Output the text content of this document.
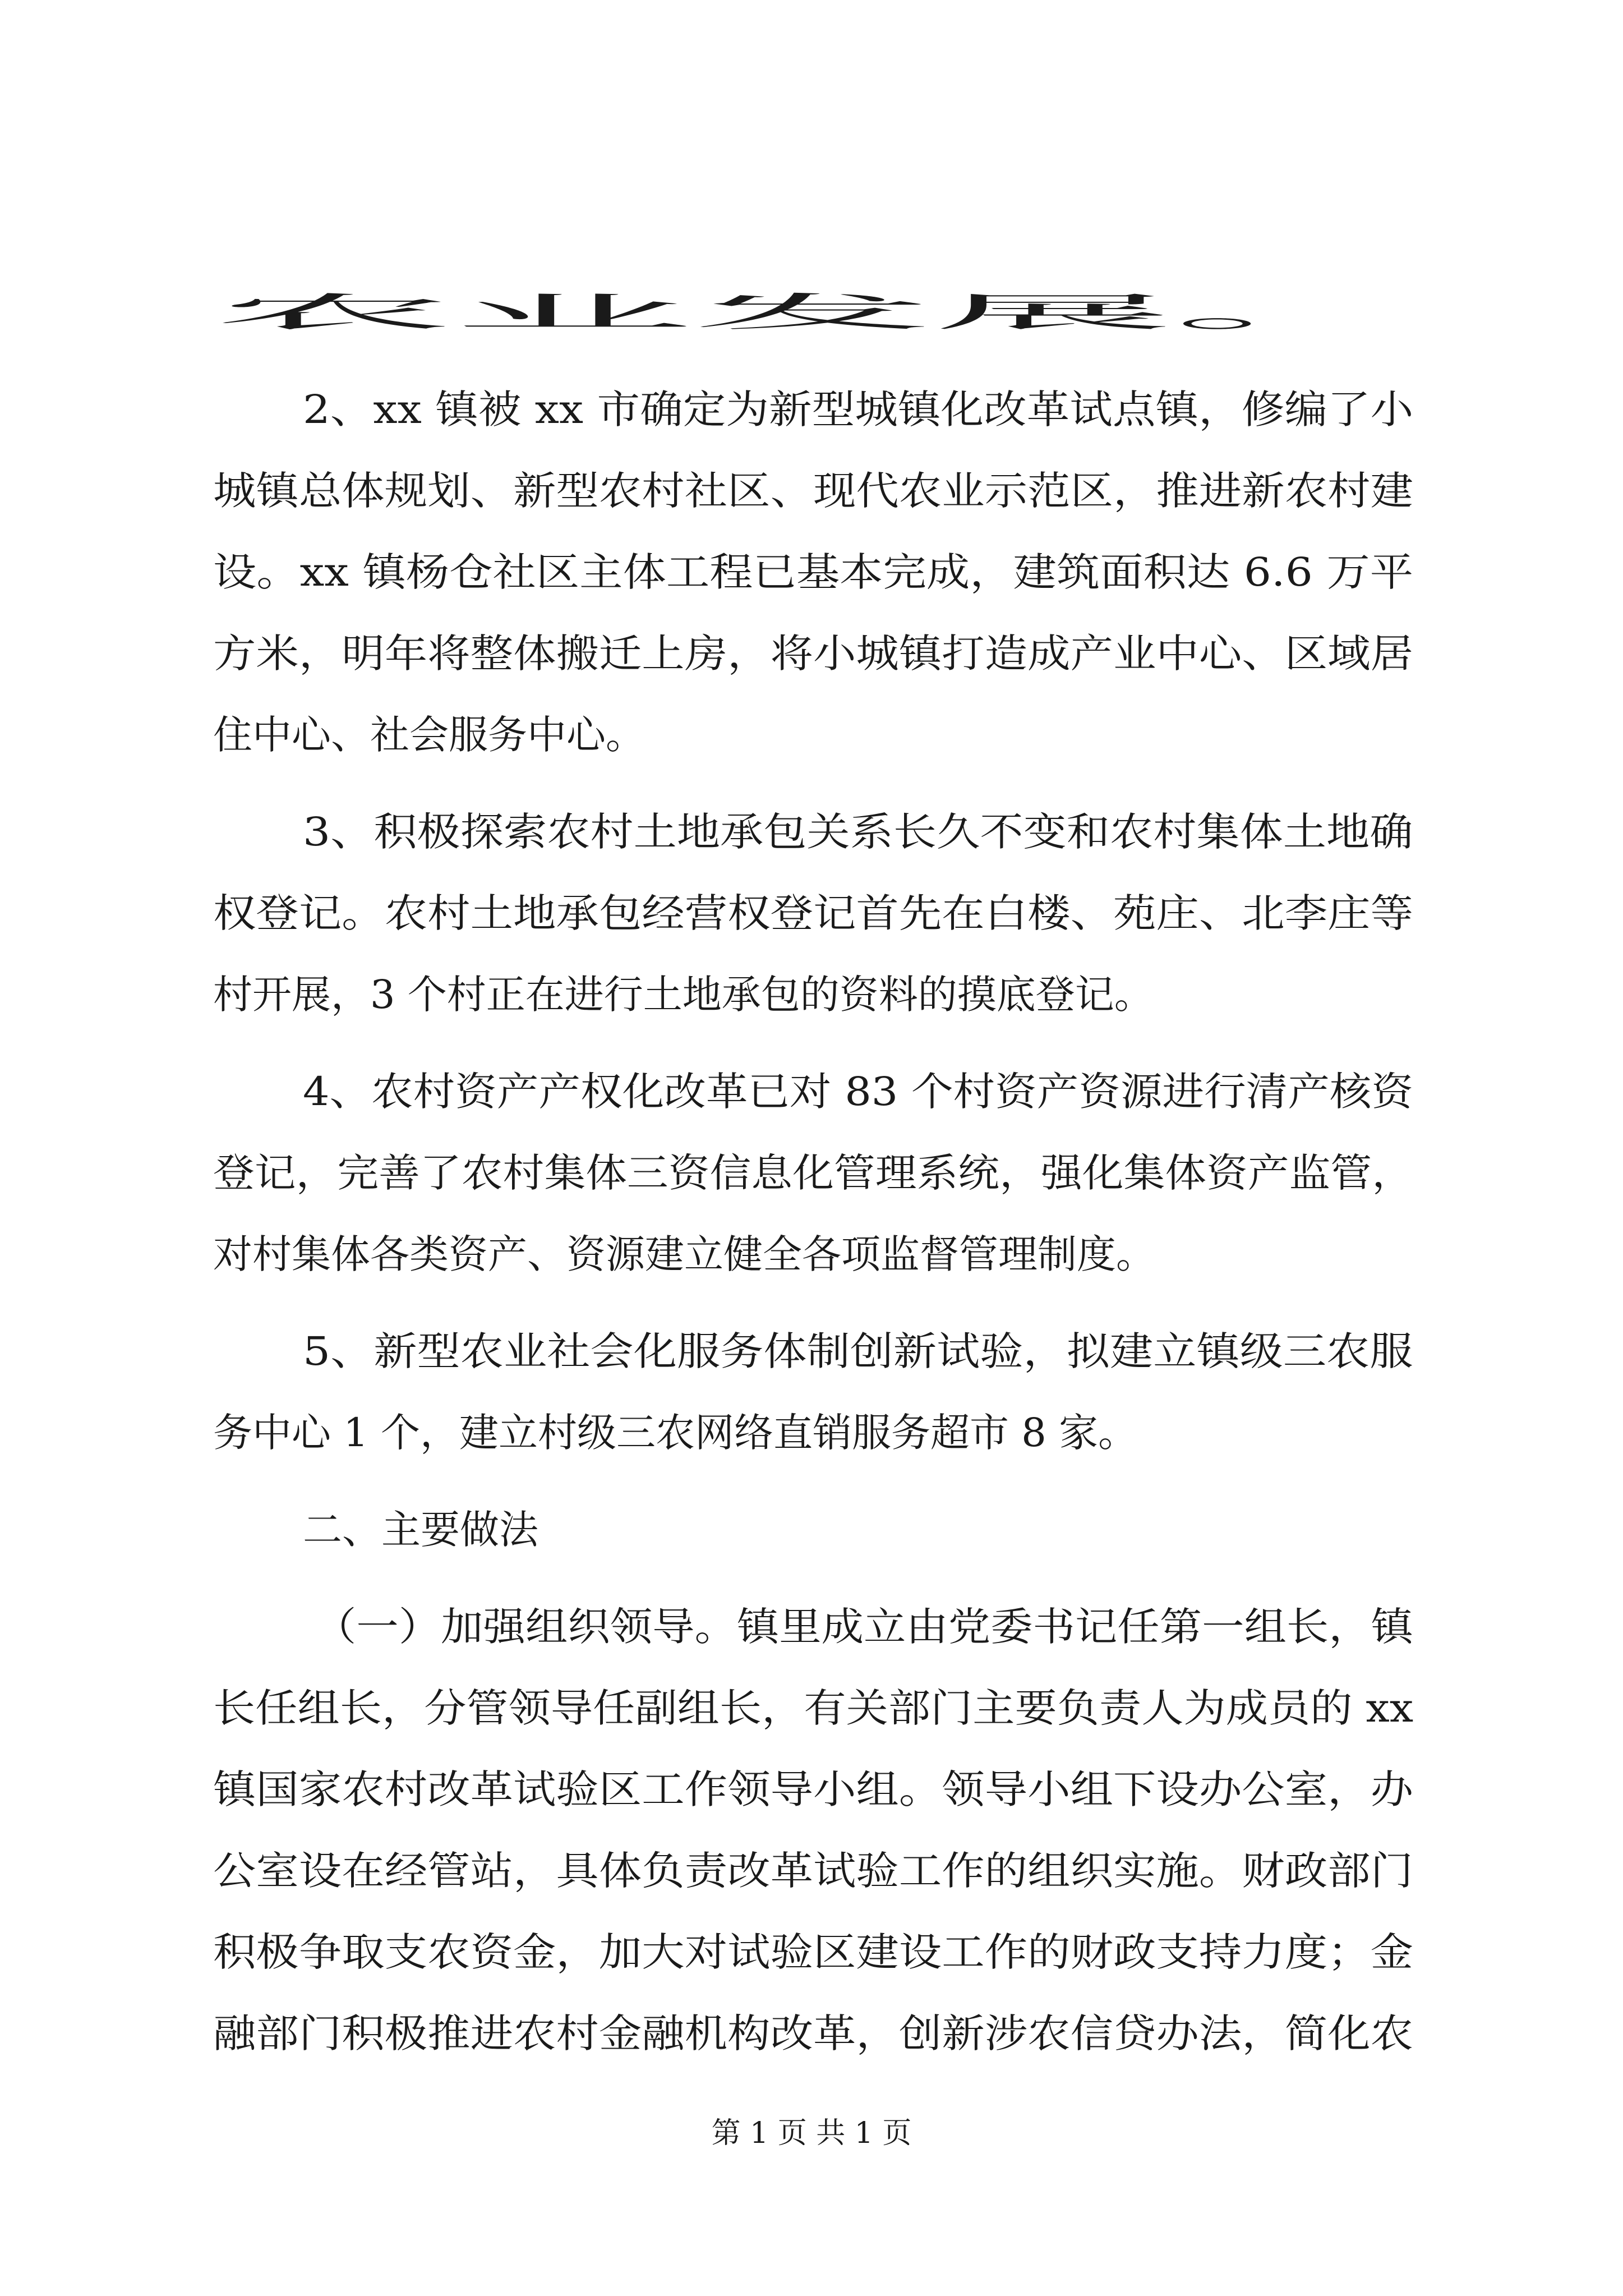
农业发展。
2、xx 镇被 xx 市确定为新型城镇化改革试点镇，修编了小
城镇总体规划、新型农村社区、现代农业示范区，推进新农村建
设。xx 镇杨仓社区主体工程已基本完成，建筑面积达 6.6 万平
方米，明年将整体搬迁上房，将小城镇打造成产业中心、区域居
住中心、社会服务中心。
3、积极探索农村土地承包关系长久不变和农村集体土地确
权登记。农村土地承包经营权登记首先在白楼、苑庄、北李庄等
村开展，3 个村正在进行土地承包的资料的摸底登记。
4、农村资产产权化改革已对 83 个村资产资源进行清产核资
登记，完善了农村集体三资信息化管理系统，强化集体资产监管，
对村集体各类资产、资源建立健全各项监督管理制度。
5、新型农业社会化服务体制创新试验，拟建立镇级三农服
务中心 1 个，建立村级三农网络直销服务超市 8 家。
二、主要做法
（一）加强组织领导。镇里成立由党委书记任第一组长，镇
长任组长，分管领导任副组长，有关部门主要负责人为成员的 xx
镇国家农村改革试验区工作领导小组。领导小组下设办公室，办
公室设在经管站，具体负责改革试验工作的组织实施。财政部门
积极争取支农资金，加大对试验区建设工作的财政支持力度；金
融部门积极推进农村金融机构改革，创新涉农信贷办法，简化农
第 1 页 共 1 页
